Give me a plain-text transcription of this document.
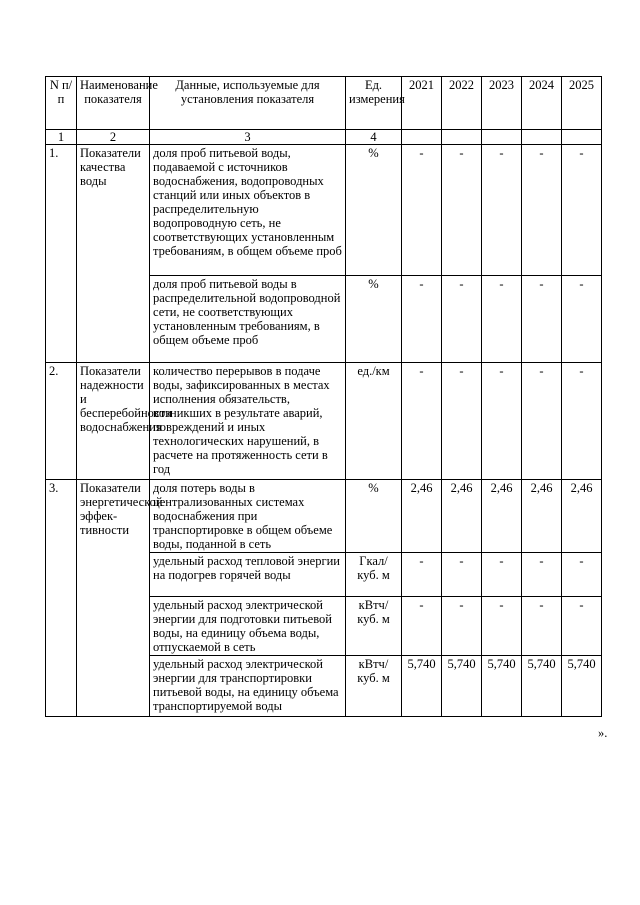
N п/п	Наименование показателя	Данные, используемые для установления показателя	Ед. измерения	2021	2022	2023	2024	2025
1	2	3	4					
1.	Показатели качества воды	доля проб питьевой воды, подаваемой с источников водоснабжения, водопроводных станций или иных объектов в распределительную водопроводную сеть, не соответствующих установленным требованиям, в общем объеме проб	%	-	-	-	-	-
		доля проб питьевой воды в распределительной водопроводной сети, не соответствующих установленным требованиям, в общем объеме проб	%	-	-	-	-	-
2.	Показатели надежности и бесперебойности водоснабжения	количество перерывов в подаче воды, зафиксированных в местах исполнения обязательств, возникших в результате аварий, повреждений и иных технологических нарушений, в расчете на протяженность сети в год	ед./км	-	-	-	-	-
3.	Показатели энергетической эффек-тивности	доля потерь воды в централизованных системах водоснабжения при транспортировке в общем объеме воды, поданной в сеть	%	2,46	2,46	2,46	2,46	2,46
		удельный расход тепловой энергии на подогрев горячей воды	Гкал/ куб. м	-	-	-	-	-
		удельный расход электрической энергии для подготовки питьевой воды, на единицу объема воды, отпускаемой в сеть	кВтч/ куб. м	-	-	-	-	-
		удельный расход электрической энергии для транспортировки питьевой воды, на единицу объема транспортируемой воды	кВтч/ куб. м	5,740	5,740	5,740	5,740	5,740
».
